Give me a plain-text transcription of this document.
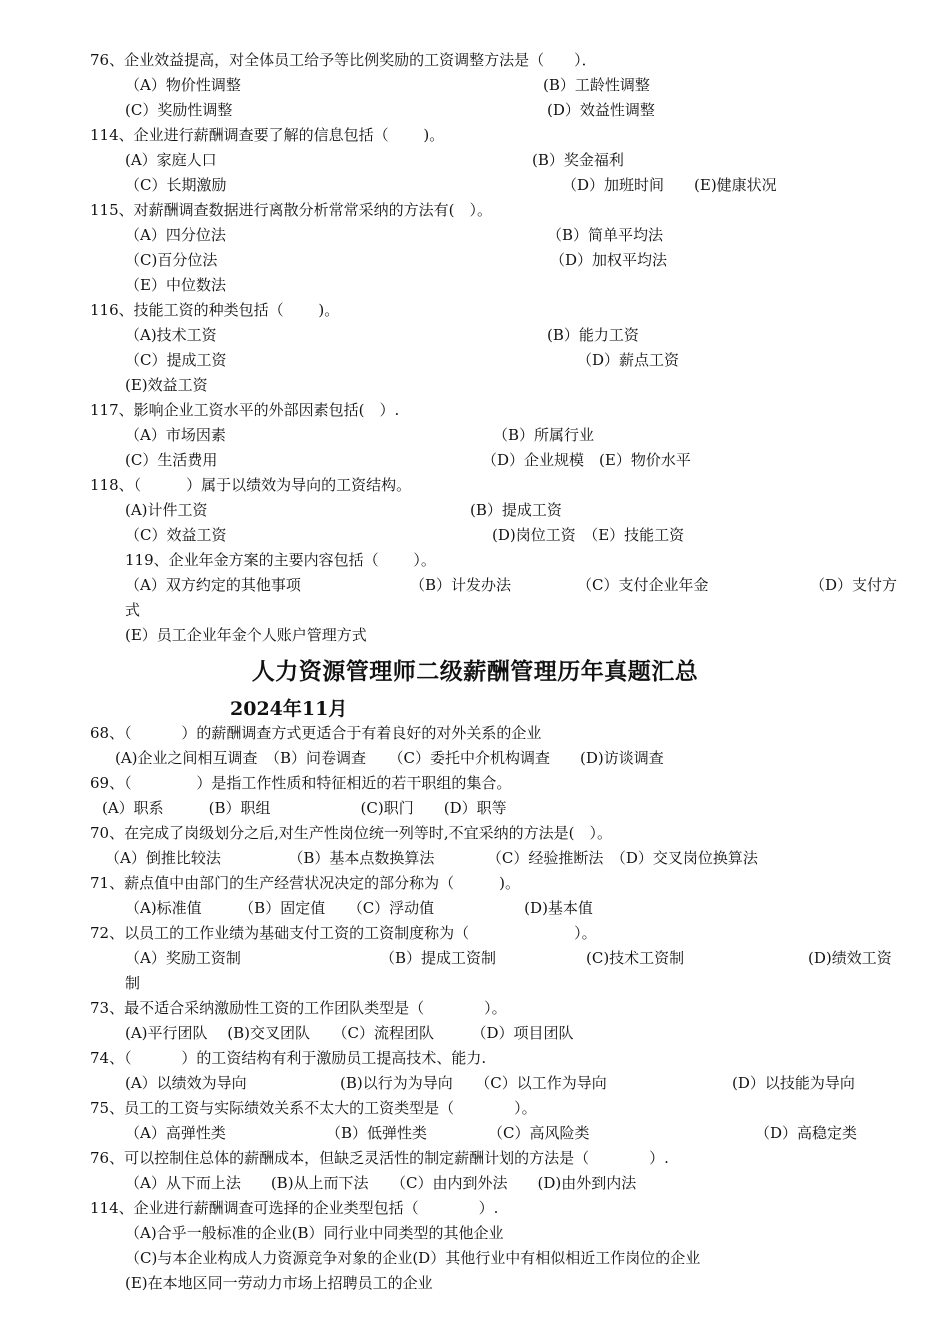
人力资源管理师二级薪酬管理历年真题汇总
2024年11月
76、企业效益提高，对全体员工给予等比例奖励的工资调整方法是（　　）．
（A）物价性调整	(B）工龄性调整
(C）奖励性调整	(D）效益性调整
114、企业进行薪酬调查要了解的信息包括（　　 )。
(A）家庭人口	(B）奖金福利
（C）长期激励	（D）加班时间　　(E)健康状况
115、对薪酬调查数据进行离散分析常常采纳的方法有(　）。
（A）四分位法	（B）简单平均法
（C)百分位法	（D）加权平均法
（E）中位数法
116、技能工资的种类包括（　　 )。
（A)技术工资	(B）能力工资
（C）提成工资	（D）薪点工资
(E)效益工资
117、影响企业工资水平的外部因素包括(　）.
（A）市场因素	（B）所属行业
(C）生活费用	（D）企业规模　(E）物价水平
118、（　　　）属于以绩效为导向的工资结构。
(A)计件工资	(B）提成工资
（C）效益工资	(D)岗位工资　（E）技能工资
119、企业年金方案的主要内容包括（　　 ）。
（A）双方约定的其他事项	（B）计发办法	（C）支付企业年金	（D）支付方
式
(E）员工企业年金个人账户管理方式
68、（　　　 ）的薪酬调查方式更适合于有着良好的对外关系的企业
(A)企业之间相互调查　（B）问卷调查　　（C）委托中介机构调查　　(D)访谈调查
69、（　　　　 ）是指工作性质和特征相近的若干职组的集合。
(A）职系　　　(B）职组　　　　　　(C)职门　　(D）职等
70、在完成了岗级划分之后,对生产性岗位统一列等时,不宜采纳的方法是(　）。
（A）倒推比较法　　　　　（B）基本点数换算法　　　　（C）经验推断法　（D）交叉岗位换算法
71、薪点值中由部门的生产经营状况决定的部分称为（　　　)。
（A)标准值　　　（B）固定值　　（C）浮动值　　　　　　(D)基本值
72、以员工的工作业绩为基础支付工资的工资制度称为（　　　　　　　）。
（A）奖励工资制	（B）提成工资制	(C)技术工资制	(D)绩效工资
制
73、最不适合采纳激励性工资的工作团队类型是（　　　　）。
(A)平行团队　 (B)交叉团队　　（C）流程团队　　　（D）项目团队
74、（　　　 ）的工资结构有利于激励员工提高技术、能力.
(A）以绩效为导向	(B)以行为为导向　　（C）以工作为导向	(D）以技能为导向
75、员工的工资与实际绩效关系不太大的工资类型是（　　　　）。
（A）高弹性类	（B）低弹性类	（C）高风险类	（D）高稳定类
76、可以控制住总体的薪酬成本，但缺乏灵活性的制定薪酬计划的方法是（　　　　）.
（A）从下而上法　　(B)从上而下法　　（C）由内到外法　　(D)由外到内法
114、企业进行薪酬调查可选择的企业类型包括（　　　　）.
（A)合乎一般标准的企业(B）同行业中同类型的其他企业
（C)与本企业构成人力资源竞争对象的企业(D）其他行业中有相似相近工作岗位的企业
(E)在本地区同一劳动力市场上招聘员工的企业
